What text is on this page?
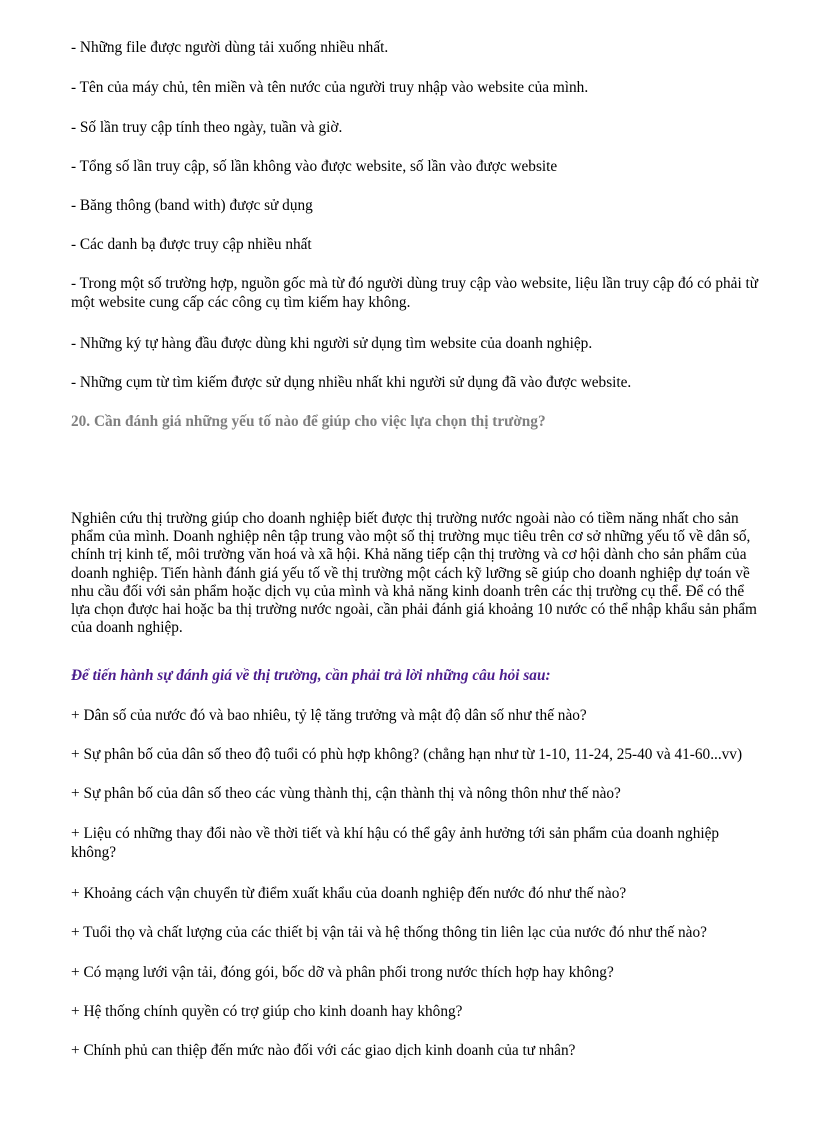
- Những file được người dùng tải xuống nhiều nhất.
- Tên của máy chủ, tên miền và tên nước của người truy nhập vào website của mình.
- Số lần truy cập tính theo ngày, tuần và giờ.
- Tổng số lần truy cập, số lần không vào được website, số lần vào được website
- Băng thông (band with) được sử dụng
- Các danh bạ được truy cập nhiều nhất
- Trong một số trường hợp, nguồn gốc mà từ đó người dùng truy cập vào website, liệu lần truy cập đó có phải từ một website cung cấp các công cụ tìm kiếm hay không.
- Những ký tự hàng đầu được dùng khi người sử dụng tìm website của doanh nghiệp.
- Những cụm từ tìm kiếm được sử dụng nhiều nhất khi người sử dụng đã vào được website.
20. Cần đánh giá những yếu tố nào để giúp cho việc lựa chọn thị trường?
Nghiên cứu thị trường giúp cho doanh nghiệp biết được thị trường nước ngoài nào có tiềm năng nhất cho sản phẩm của mình. Doanh nghiệp nên tập trung vào một số thị trường mục tiêu trên cơ sở những yếu tố về dân số, chính trị kinh tế, môi trường văn hoá và xã hội. Khả năng tiếp cận thị trường và cơ hội dành cho sản phẩm của doanh nghiệp. Tiến hành đánh giá yếu tố về thị trường một cách kỹ lưỡng sẽ giúp cho doanh nghiệp dự toán về nhu cầu đối với sản phẩm hoặc dịch vụ của mình và khả năng kinh doanh trên các thị trường cụ thể. Để có thể lựa chọn được hai hoặc ba thị trường nước ngoài, cần phải đánh giá khoảng 10 nước có thể nhập khẩu sản phẩm của doanh nghiệp.
Để tiến hành sự đánh giá về thị trường, cần phải trả lời những câu hỏi sau:
+ Dân số của nước đó và bao nhiêu, tỷ lệ tăng trưởng và mật độ dân số như thế nào?
+ Sự phân bố của dân số theo độ tuổi có phù hợp không? (chẳng hạn như từ 1-10, 11-24, 25-40 và 41-60...vv)
+ Sự phân bố của dân số theo các vùng thành thị, cận thành thị và nông thôn như thế nào?
+ Liệu có những thay đổi nào về thời tiết và khí hậu có thể gây ảnh hưởng tới sản phẩm của doanh nghiệp không?
+ Khoảng cách vận chuyển từ điểm xuất khẩu của doanh nghiệp đến nước đó như thế nào?
+ Tuổi thọ và chất lượng của các thiết bị vận tải và hệ thống thông tin liên lạc của nước đó như thế nào?
+ Có mạng lưới vận tải, đóng gói, bốc dỡ và phân phối trong nước thích hợp hay không?
+ Hệ thống chính quyền có trợ giúp cho kinh doanh hay không?
+ Chính phủ can thiệp đến mức nào đối với các giao dịch kinh doanh của tư nhân?
